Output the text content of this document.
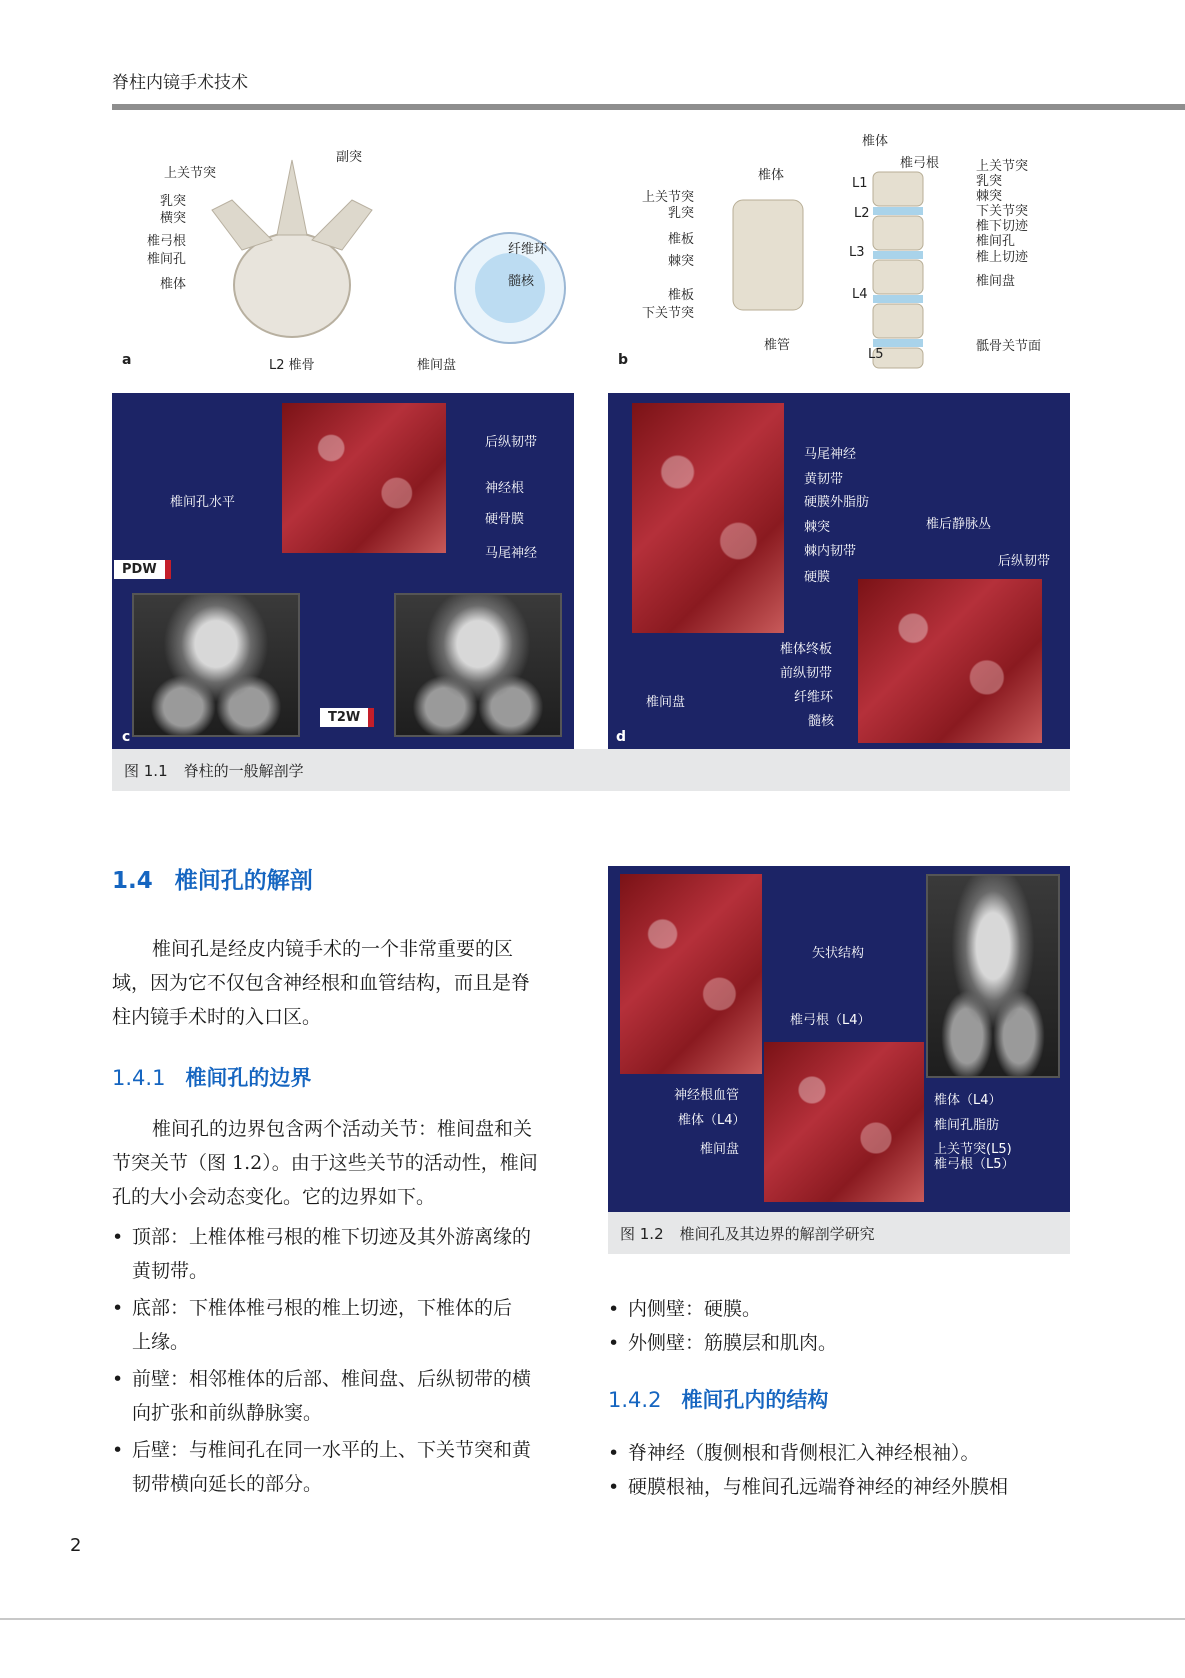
脊柱内镜手术技术
上关节突
副突
乳突
横突
椎弓根
椎间孔
椎体
纤维环
髓核
L2 椎骨	椎间盘
a
椎体
椎弓根	上关节突
乳突
棘突
下关节突
椎下切迹
椎间孔
椎上切迹
椎间盘
骶骨关节面
上关节突
乳突
椎板
棘突
椎板
下关节突
椎管
椎体
L1
L2
L3
L4
L5
b
椎间孔水平
后纵韧带
神经根
硬骨膜
马尾神经
PDW
T2W
c
马尾神经
黄韧带
硬膜外脂肪
棘突
棘内韧带
硬膜
椎后静脉丛
后纵韧带
椎体终板
前纵韧带
纤维环
髓核
椎间盘
d
图 1.1 脊柱的一般解剖学
1.4 椎间孔的解剖
椎间孔是经皮内镜手术的一个非常重要的区
域，因为它不仅包含神经根和血管结构，而且是脊
柱内镜手术时的入口区。
1.4.1 椎间孔的边界
椎间孔的边界包含两个活动关节：椎间盘和关
节突关节（图 1.2）。由于这些关节的活动性，椎间
孔的大小会动态变化。它的边界如下。
• 顶部：上椎体椎弓根的椎下切迹及其外游离缘的
黄韧带。
• 底部：下椎体椎弓根的椎上切迹，下椎体的后
上缘。
• 前壁：相邻椎体的后部、椎间盘、后纵韧带的横
向扩张和前纵静脉窦。
• 后壁：与椎间孔在同一水平的上、下关节突和黄
韧带横向延长的部分。
矢状结构
椎弓根（L4）
神经根血管
椎体（L4）
椎间盘
椎体（L4）
椎间孔脂肪
上关节突(L5)
椎弓根（L5）
图 1.2 椎间孔及其边界的解剖学研究
• 内侧壁：硬膜。
• 外侧壁：筋膜层和肌肉。
1.4.2 椎间孔内的结构
• 脊神经（腹侧根和背侧根汇入神经根袖）。
• 硬膜根袖，与椎间孔远端脊神经的神经外膜相
2
